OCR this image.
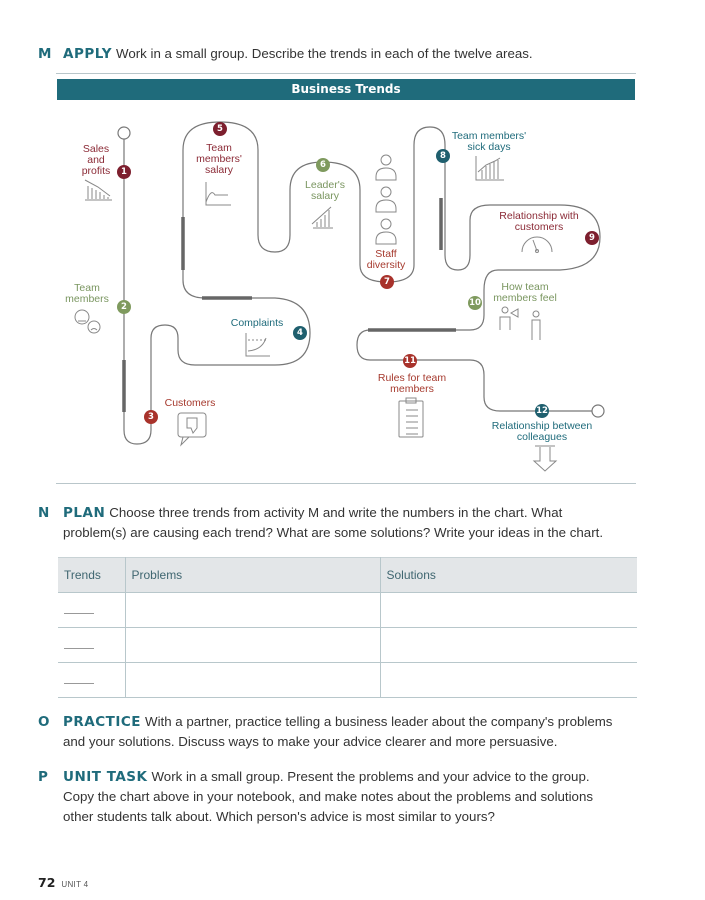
M APPLY Work in a small group. Describe the trends in each of the twelve areas.
Business Trends
Sales and profits
Team members
Customers
Complaints
Team members' salary
Leader's salary
Staff diversity
Team members' sick days
Relationship with customers
How team members feel
Rules for team members
Relationship between colleagues
1
2
3
4
5
6
7
8
9
10
11
12
N PLAN Choose three trends from activity M and write the numbers in the chart. What
problem(s) are causing each trend? What are some solutions? Write your ideas in the chart.
Trends	Problems	Solutions

O PRACTICE With a partner, practice telling a business leader about the company's problems
and your solutions. Discuss ways to make your advice clearer and more persuasive.
P UNIT TASK Work in a small group. Present the problems and your advice to the group.
Copy the chart above in your notebook, and make notes about the problems and solutions
other students talk about. Which person's advice is most similar to yours?
72 UNIT 4
